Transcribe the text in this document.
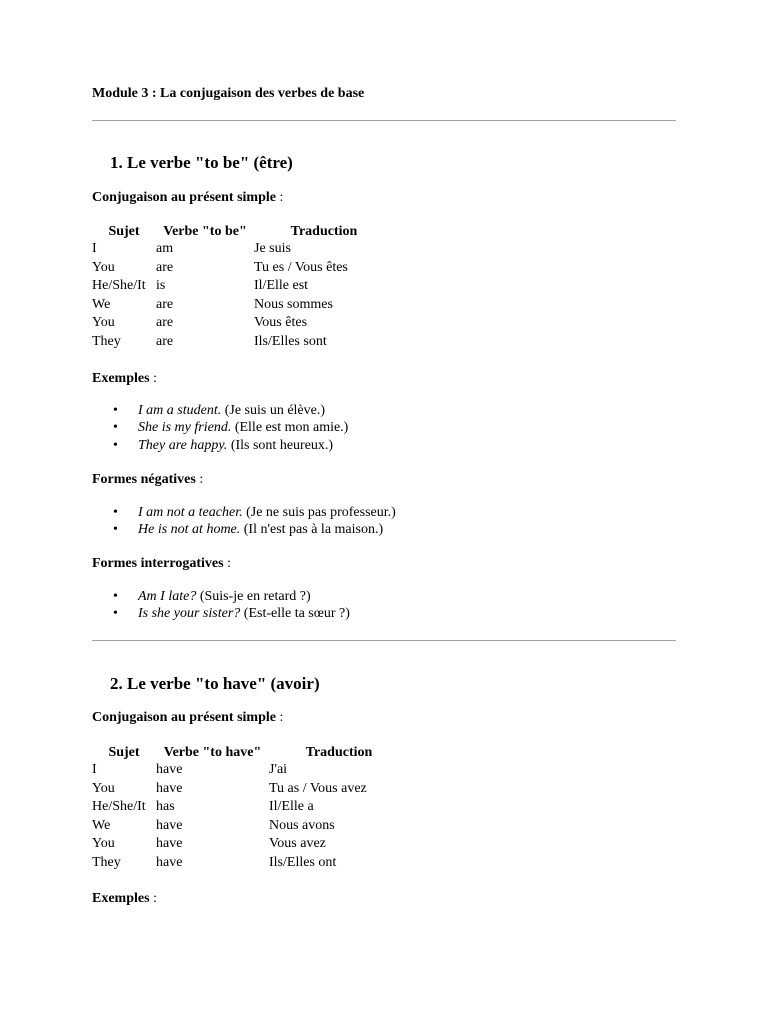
Module 3 : La conjugaison des verbes de base
1. Le verbe "to be" (être)
Conjugaison au présent simple :
Sujet	Verbe "to be"	Traduction
I	am	Je suis
You	are	Tu es / Vous êtes
He/She/It	is	Il/Elle est
We	are	Nous sommes
You	are	Vous êtes
They	are	Ils/Elles sont
Exemples :
• I am a student. (Je suis un élève.)
• She is my friend. (Elle est mon amie.)
• They are happy. (Ils sont heureux.)
Formes négatives :
• I am not a teacher. (Je ne suis pas professeur.)
• He is not at home. (Il n'est pas à la maison.)
Formes interrogatives :
• Am I late? (Suis-je en retard ?)
• Is she your sister? (Est-elle ta sœur ?)
2. Le verbe "to have" (avoir)
Conjugaison au présent simple :
Sujet	Verbe "to have"	Traduction
I	have	J'ai
You	have	Tu as / Vous avez
He/She/It	has	Il/Elle a
We	have	Nous avons
You	have	Vous avez
They	have	Ils/Elles ont
Exemples :
